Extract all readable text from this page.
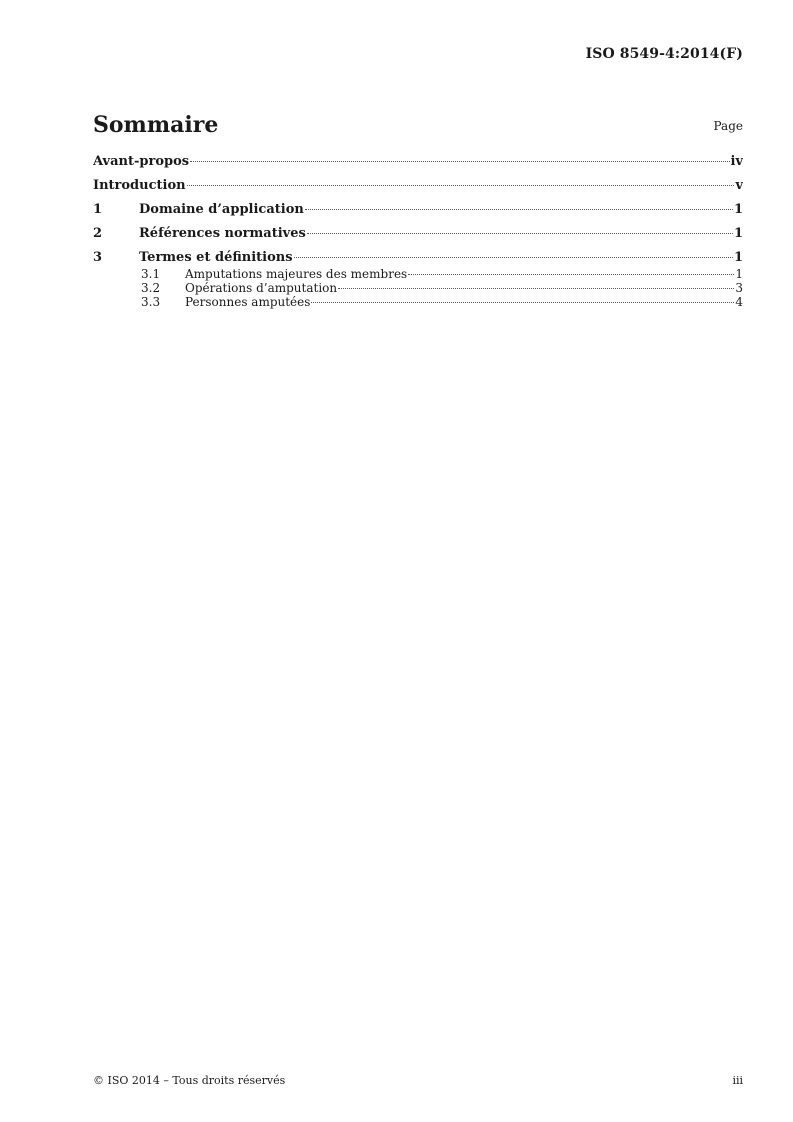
ISO 8549-4:2014(F)
Sommaire	Page
Avant-propos	iv
Introduction	v
1	Domaine d’application	1
2	Références normatives	1
3	Termes et définitions	1
3.1	Amputations majeures des membres	1
3.2	Opérations d’amputation	3
3.3	Personnes amputées	4
© ISO 2014 – Tous droits réservés	iii
